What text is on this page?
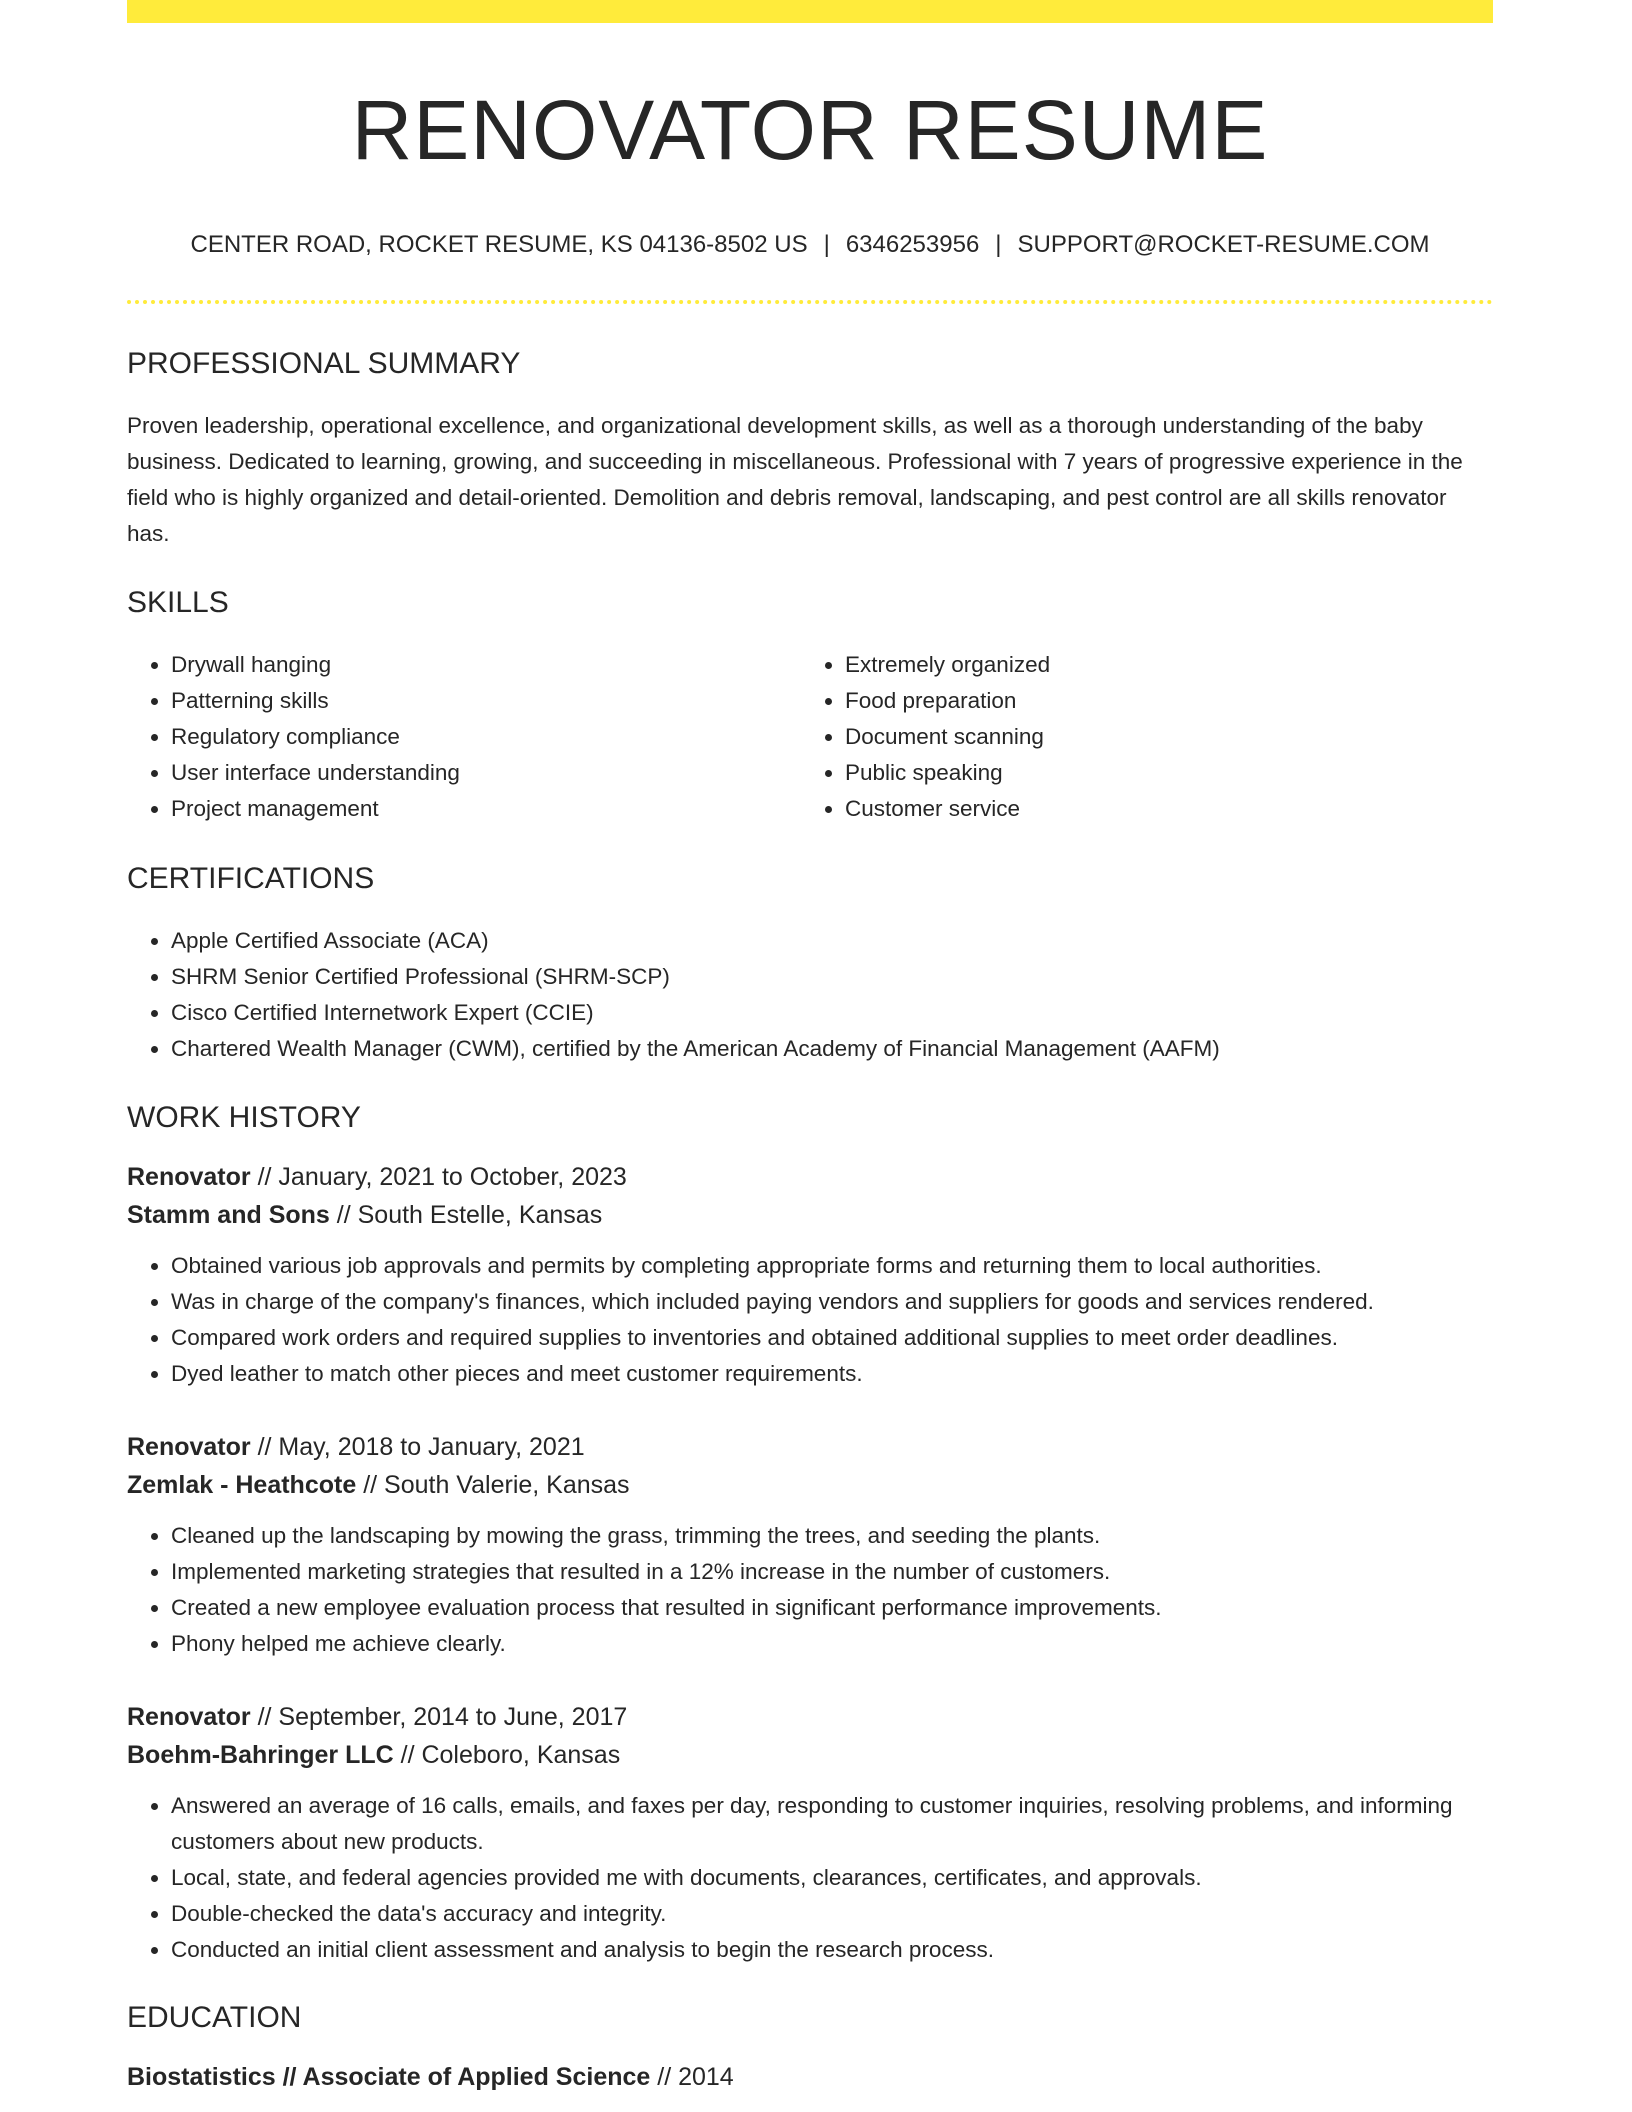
RENOVATOR RESUME
CENTER ROAD, ROCKET RESUME, KS 04136-8502 US | 6346253956 | SUPPORT@ROCKET-RESUME.COM
PROFESSIONAL SUMMARY

Proven leadership, operational excellence, and organizational development skills, as well as a thorough understanding of the baby business. Dedicated to learning, growing, and succeeding in miscellaneous. Professional with 7 years of progressive experience in the field who is highly organized and detail-oriented. Demolition and debris removal, landscaping, and pest control are all skills renovator has.

SKILLS
• Drywall hanging
• Patterning skills
• Regulatory compliance
• User interface understanding
• Project management
• Extremely organized
• Food preparation
• Document scanning
• Public speaking
• Customer service
CERTIFICATIONS
• Apple Certified Associate (ACA)
• SHRM Senior Certified Professional (SHRM-SCP)
• Cisco Certified Internetwork Expert (CCIE)
• Chartered Wealth Manager (CWM), certified by the American Academy of Financial Management (AAFM)
WORK HISTORY
Renovator // January, 2021 to October, 2023
Stamm and Sons // South Estelle, Kansas
• Obtained various job approvals and permits by completing appropriate forms and returning them to local authorities.
• Was in charge of the company's finances, which included paying vendors and suppliers for goods and services rendered.
• Compared work orders and required supplies to inventories and obtained additional supplies to meet order deadlines.
• Dyed leather to match other pieces and meet customer requirements.
Renovator // May, 2018 to January, 2021
Zemlak - Heathcote // South Valerie, Kansas
• Cleaned up the landscaping by mowing the grass, trimming the trees, and seeding the plants.
• Implemented marketing strategies that resulted in a 12% increase in the number of customers.
• Created a new employee evaluation process that resulted in significant performance improvements.
• Phony helped me achieve clearly.
Renovator // September, 2014 to June, 2017
Boehm-Bahringer LLC // Coleboro, Kansas
• Answered an average of 16 calls, emails, and faxes per day, responding to customer inquiries, resolving problems, and informing customers about new products.
• Local, state, and federal agencies provided me with documents, clearances, certificates, and approvals.
• Double-checked the data's accuracy and integrity.
• Conducted an initial client assessment and analysis to begin the research process.
EDUCATION
Biostatistics // Associate of Applied Science // 2014
